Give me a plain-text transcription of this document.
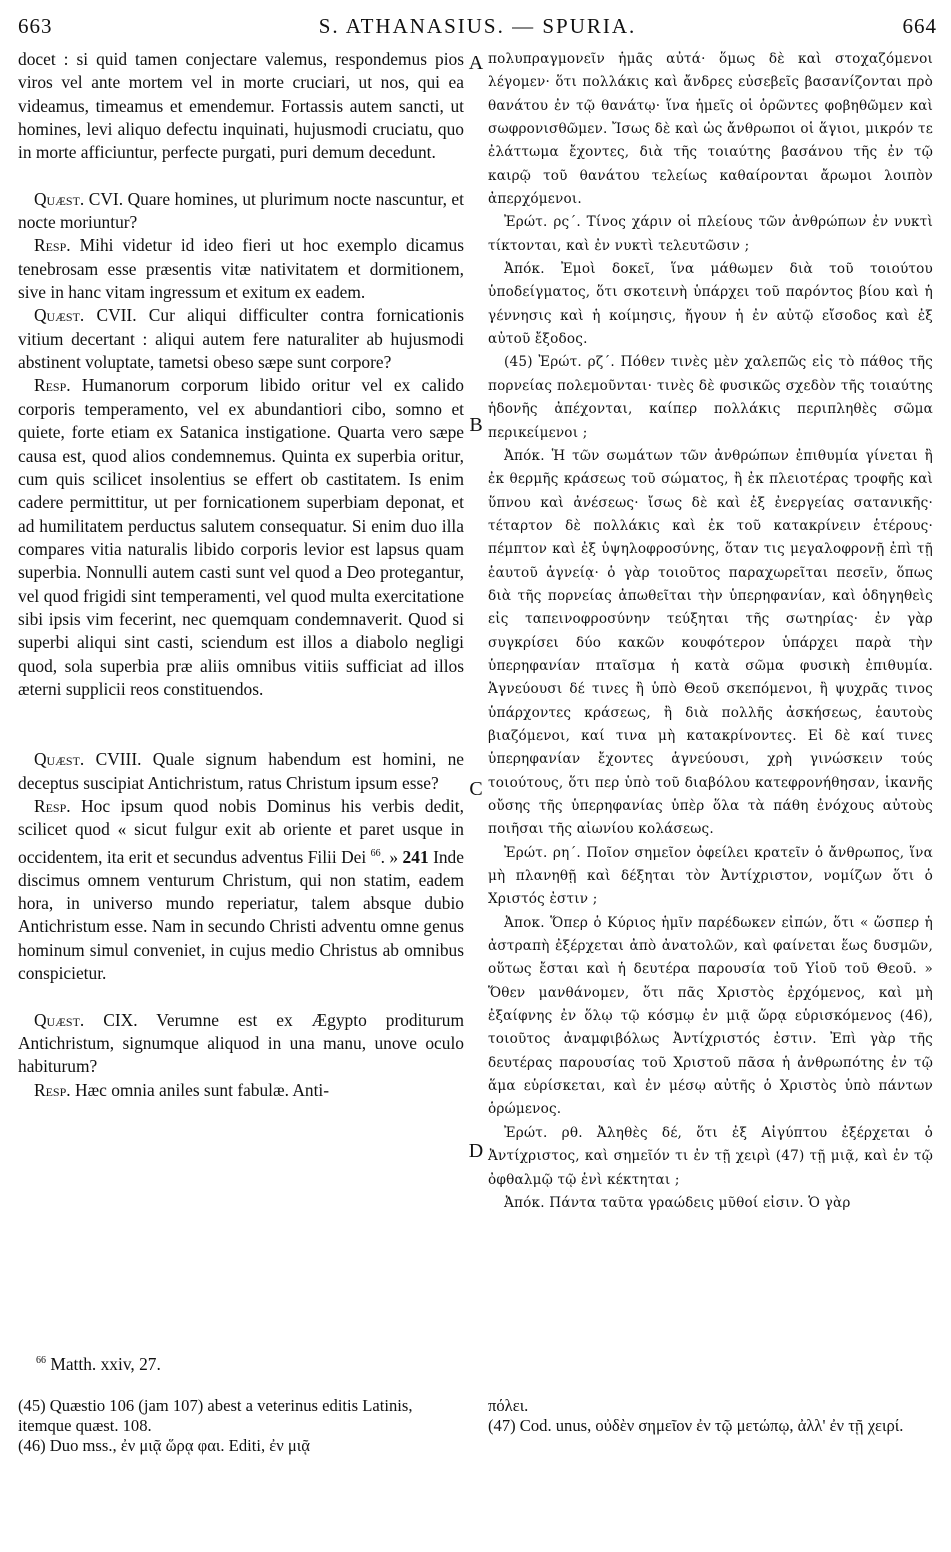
663	S. ATHANASIUS. — SPURIA.	664

docet : si quid tamen conjectare valemus, respondemus pios viros vel ante mortem vel in morte cruciari, ut nos, qui ea videamus, timeamus et emendemur. Fortassis autem sancti, ut homines, levi aliquo defectu inquinati, hujusmodi cruciatu, quo in morte afficiuntur, perfecte purgati, puri demum decedunt.

Quæst. CVI. Quare homines, ut plurimum nocte nascuntur, et nocte moriuntur?

Resp. Mihi videtur id ideo fieri ut hoc exemplo dicamus tenebrosam esse præsentis vitæ nativitatem et dormitionem, sive in hanc vitam ingressum et exitum ex eadem.

Quæst. CVII. Cur aliqui difficulter contra fornicationis vitium decertant : aliqui autem fere naturaliter ab hujusmodi abstinent voluptate, tametsi obeso sæpe sunt corpore?

Resp. Humanorum corporum libido oritur vel ex calido corporis temperamento, vel ex abundantiori cibo, somno et quiete, forte etiam ex Satanica instigatione. Quarta vero sæpe causa est, quod alios condemnemus. Quinta ex superbia oritur, cum quis scilicet insolentius se effert ob castitatem. Is enim cadere permittitur, ut per fornicationem superbiam deponat, et ad humilitatem perductus salutem consequatur. Si enim duo illa compares vitia naturalis libido corporis levior est lapsus quam superbia. Nonnulli autem casti sunt vel quod a Deo protegantur, vel quod frigidi sint temperamenti, vel quod multa exercitatione sibi ipsis vim fecerint, nec quemquam condemnaverit. Quod si superbi aliqui sint casti, sciendum est illos a diabolo negligi quod, sola superbia præ aliis omnibus vitiis sufficiat ad illos æterni supplicii reos constituendos.

Quæst. CVIII. Quale signum habendum est homini, ne deceptus suscipiat Antichristum, ratus Christum ipsum esse?

Resp. Hoc ipsum quod nobis Dominus his verbis dedit, scilicet quod « sicut fulgur exit ab oriente et paret usque in occidentem, ita erit et secundus adventus Filii Dei $^{66}$. » 241 Inde discimus omnem venturum Christum, qui non statim, eadem hora, in universo mundo reperiatur, talem absque dubio Antichristum esse. Nam in secundo Christi adventu omne genus hominum simul conveniet, in cujus medio Christus ab omnibus conspicietur.

Quæst. CIX. Verumne est ex Ægypto proditurum Antichristum, signumque aliquod in una manu, unove oculo habiturum?

Resp. Hæc omnia aniles sunt fabulæ. Anti-

A
B
C
D

πολυπραγμονεῖν ἡμᾶς αὐτά· ὅμως δὲ καὶ στοχαζόμενοι λέγομεν· ὅτι πολλάκις καὶ ἄνδρες εὐσεβεῖς βασανίζονται πρὸ θανάτου ἐν τῷ θανάτῳ· ἵνα ἡμεῖς οἱ ὁρῶντες φοβηθῶμεν καὶ σωφρονισθῶμεν. Ἴσως δὲ καὶ ὡς ἄνθρωποι οἱ ἅγιοι, μικρόν τε ἐλάττωμα ἔχοντες, διὰ τῆς τοιαύτης βασάνου τῆς ἐν τῷ καιρῷ τοῦ θανάτου τελείως καθαίρονται ἄρωμοι λοιπὸν ἀπερχόμενοι.

Ἐρώτ. ρς΄. Τίνος χάριν οἱ πλείους τῶν ἀνθρώπων ἐν νυκτὶ τίκτονται, καὶ ἐν νυκτὶ τελευτῶσιν ;

Ἀπόκ. Ἐμοὶ δοκεῖ, ἵνα μάθωμεν διὰ τοῦ τοιούτου ὑποδείγματος, ὅτι σκοτεινὴ ὑπάρχει τοῦ παρόντος βίου καὶ ἡ γέννησις καὶ ἡ κοίμησις, ἤγουν ἡ ἐν αὐτῷ εἴσοδος καὶ ἐξ αὐτοῦ ἔξοδος.

(45) Ἐρώτ. ρζ΄. Πόθεν τινὲς μὲν χαλεπῶς εἰς τὸ πάθος τῆς πορνείας πολεμοῦνται· τινὲς δὲ φυσικῶς σχεδὸν τῆς τοιαύτης ἡδονῆς ἀπέχονται, καίπερ πολλάκις περιπληθὲς σῶμα περικείμενοι ;

Ἀπόκ. Ἡ τῶν σωμάτων τῶν ἀνθρώπων ἐπιθυμία γίνεται ἢ ἐκ θερμῆς κράσεως τοῦ σώματος, ἢ ἐκ πλειοτέρας τροφῆς καὶ ὕπνου καὶ ἀνέσεως· ἴσως δὲ καὶ ἐξ ἐνεργείας σατανικῆς· τέταρτον δὲ πολλάκις καὶ ἐκ τοῦ κατακρίνειν ἑτέρους· πέμπτον καὶ ἐξ ὑψηλοφροσύνης, ὅταν τις μεγαλοφρονῇ ἐπὶ τῇ ἑαυτοῦ ἁγνείᾳ· ὁ γὰρ τοιοῦτος παραχωρεῖται πεσεῖν, ὅπως διὰ τῆς πορνείας ἀπωθεῖται τὴν ὑπερηφανίαν, καὶ ὁδηγηθεὶς εἰς ταπεινοφροσύνην τεύξηται τῆς σωτηρίας· ἐν γὰρ συγκρίσει δύο κακῶν κουφότερον ὑπάρχει παρὰ τὴν ὑπερηφανίαν πταῖσμα ἡ κατὰ σῶμα φυσικὴ ἐπιθυμία. Ἁγνεύουσι δέ τινες ἢ ὑπὸ Θεοῦ σκεπόμενοι, ἢ ψυχρᾶς τινος ὑπάρχοντες κράσεως, ἢ διὰ πολλῆς ἀσκήσεως, ἑαυτοὺς βιαζόμενοι, καί τινα μὴ κατακρίνοντες. Εἰ δὲ καί τινες ὑπερηφανίαν ἔχοντες ἁγνεύουσι, χρὴ γινώσκειν τούς τοιούτους, ὅτι περ ὑπὸ τοῦ διαβόλου κατεφρονήθησαν, ἱκανῆς οὔσης τῆς ὑπερηφανίας ὑπὲρ ὅλα τὰ πάθη ἐνόχους αὐτοὺς ποιῆσαι τῆς αἰωνίου κολάσεως.

Ἐρώτ. ρη΄. Ποῖον σημεῖον ὀφείλει κρατεῖν ὁ ἄνθρωπος, ἵνα μὴ πλανηθῇ καὶ δέξηται τὸν Ἀντίχριστον, νομίζων ὅτι ὁ Χριστός ἐστιν ;

Ἀποκ. Ὅπερ ὁ Κύριος ἡμῖν παρέδωκεν εἰπών, ὅτι « ὥσπερ ἡ ἀστραπὴ ἐξέρχεται ἀπὸ ἀνατολῶν, καὶ φαίνεται ἕως δυσμῶν, οὕτως ἔσται καὶ ἡ δευτέρα παρουσία τοῦ Υἱοῦ τοῦ Θεοῦ. » Ὅθεν μανθάνομεν, ὅτι πᾶς Χριστὸς ἐρχόμενος, καὶ μὴ ἐξαίφνης ἐν ὅλῳ τῷ κόσμῳ ἐν μιᾷ ὥρᾳ εὑρισκόμενος (46), τοιοῦτος ἀναμφιβόλως Ἀντίχριστός ἐστιν. Ἐπὶ γὰρ τῆς δευτέρας παρουσίας τοῦ Χριστοῦ πᾶσα ἡ ἀνθρωπότης ἐν τῷ ἅμα εὑρίσκεται, καὶ ἐν μέσῳ αὐτῆς ὁ Χριστὸς ὑπὸ πάντων ὁρώμενος.

Ἐρώτ. ρθ. Ἀληθὲς δέ, ὅτι ἐξ Αἰγύπτου ἐξέρχεται ὁ Ἀντίχριστος, καὶ σημεῖόν τι ἐν τῇ χειρὶ (47) τῇ μιᾷ, καὶ ἐν τῷ ὀφθαλμῷ τῷ ἑνὶ κέκτηται ;

Ἀπόκ. Πάντα ταῦτα γραώδεις μῦθοί εἰσιν. Ὁ γὰρ

$^{66}$ Matth. xxiv, 27.

(45) Quæstio 106 (jam 107) abest a veterinus editis Latinis, itemque quæst. 108.

(46) Duo mss., ἐν μιᾷ ὥρᾳ φαι. Editi, ἐν μιᾷ

πόλει.

(47) Cod. unus, οὐδὲν σημεῖον ἐν τῷ μετώπῳ, ἀλλ' ἐν τῇ χειρί.
